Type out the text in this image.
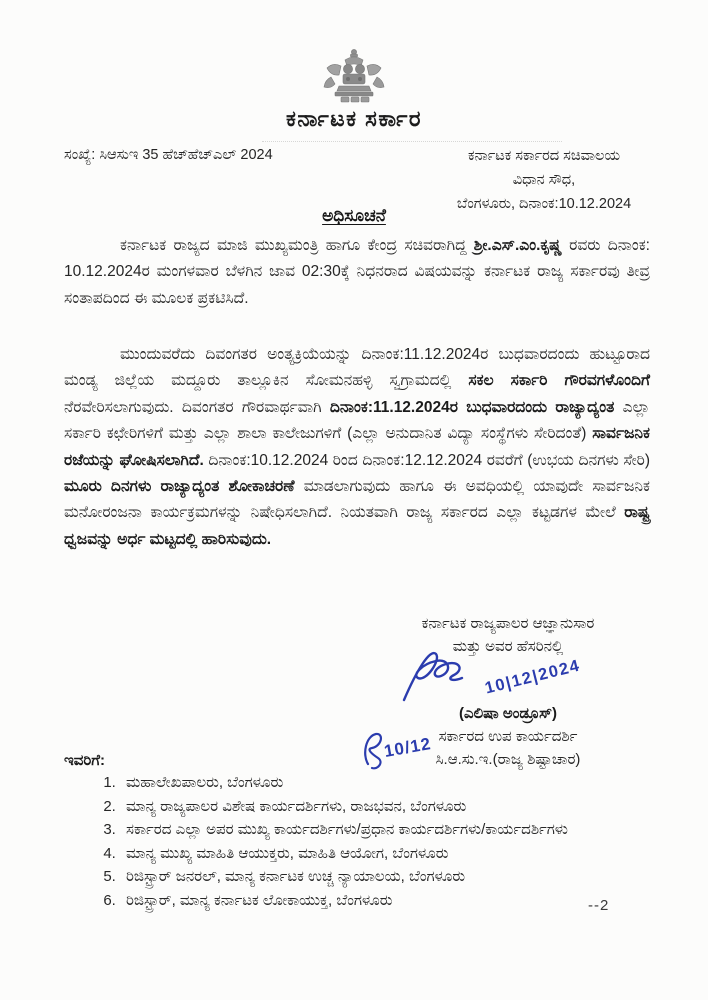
ಕರ್ನಾಟಕ ಸರ್ಕಾರ
ಸಂಖ್ಯೆ: ಸಿಆಸುಇ 35 ಹೆಚ್‌ಹೆಚ್‌ಎಲ್ 2024	ಕರ್ನಾಟಕ ಸರ್ಕಾರದ ಸಚಿವಾಲಯ
ವಿಧಾನ ಸೌಧ,
ಬೆಂಗಳೂರು, ದಿನಾಂಕ:10.12.2024
ಅಧಿಸೂಚನೆ
ಕರ್ನಾಟಕ ರಾಜ್ಯದ ಮಾಜಿ ಮುಖ್ಯಮಂತ್ರಿ ಹಾಗೂ ಕೇಂದ್ರ ಸಚಿವರಾಗಿದ್ದ ಶ್ರೀ.ಎಸ್.ಎಂ.ಕೃಷ್ಣ ರವರು ದಿನಾಂಕ: 10.12.2024ರ ಮಂಗಳವಾರ ಬೆಳಗಿನ ಜಾವ 02:30ಕ್ಕೆ ನಿಧನರಾದ ವಿಷಯವನ್ನು ಕರ್ನಾಟಕ ರಾಜ್ಯ ಸರ್ಕಾರವು ತೀವ್ರ ಸಂತಾಪದಿಂದ ಈ ಮೂಲಕ ಪ್ರಕಟಿಸಿದೆ.
ಮುಂದುವರೆದು ದಿವಂಗತರ ಅಂತ್ಯಕ್ರಿಯೆಯನ್ನು ದಿನಾಂಕ:11.12.2024ರ ಬುಧವಾರದಂದು ಹುಟ್ಟೂರಾದ ಮಂಡ್ಯ ಜಿಲ್ಲೆಯ ಮದ್ದೂರು ತಾಲ್ಲೂಕಿನ ಸೋಮನಹಳ್ಳಿ ಸ್ವಗ್ರಾಮದಲ್ಲಿ ಸಕಲ ಸರ್ಕಾರಿ ಗೌರವಗಳೊಂದಿಗೆ ನೆರವೇರಿಸಲಾಗುವುದು. ದಿವಂಗತರ ಗೌರವಾರ್ಥವಾಗಿ ದಿನಾಂಕ:11.12.2024ರ ಬುಧವಾರದಂದು ರಾಜ್ಯಾದ್ಯಂತ ಎಲ್ಲಾ ಸರ್ಕಾರಿ ಕಛೇರಿಗಳಿಗೆ ಮತ್ತು ಎಲ್ಲಾ ಶಾಲಾ ಕಾಲೇಜುಗಳಿಗೆ (ಎಲ್ಲಾ ಅನುದಾನಿತ ವಿದ್ಯಾ ಸಂಸ್ಥೆಗಳು ಸೇರಿದಂತೆ) ಸಾರ್ವಜನಿಕ ರಜೆಯನ್ನು ಘೋಷಿಸಲಾಗಿದೆ. ದಿನಾಂಕ:10.12.2024 ರಿಂದ ದಿನಾಂಕ:12.12.2024 ರವರೆಗೆ (ಉಭಯ ದಿನಗಳು ಸೇರಿ) ಮೂರು ದಿನಗಳು ರಾಜ್ಯಾದ್ಯಂತ ಶೋಕಾಚರಣೆ ಮಾಡಲಾಗುವುದು ಹಾಗೂ ಈ ಅವಧಿಯಲ್ಲಿ ಯಾವುದೇ ಸಾರ್ವಜನಿಕ ಮನೋರಂಜನಾ ಕಾರ್ಯಕ್ರಮಗಳನ್ನು ನಿಷೇಧಿಸಲಾಗಿದೆ. ನಿಯತವಾಗಿ ರಾಜ್ಯ ಸರ್ಕಾರದ ಎಲ್ಲಾ ಕಟ್ಟಡಗಳ ಮೇಲೆ ರಾಷ್ಟ್ರ ಧ್ವಜವನ್ನು ಅರ್ಧ ಮಟ್ಟದಲ್ಲಿ ಹಾರಿಸುವುದು.
ಕರ್ನಾಟಕ ರಾಜ್ಯಪಾಲರ ಆಜ್ಞಾನುಸಾರ
ಮತ್ತು ಅವರ ಹೆಸರಿನಲ್ಲಿ
10|12|2024
(ಎಲಿಷಾ ಅಂಡ್ರೂಸ್)
ಸರ್ಕಾರದ ಉಪ ಕಾರ್ಯದರ್ಶಿ
ಸಿ.ಆ.ಸು.ಇ.(ರಾಜ್ಯ ಶಿಷ್ಟಾಚಾರ)
10/12
ಇವರಿಗೆ:
1. ಮಹಾಲೇಖಪಾಲರು, ಬೆಂಗಳೂರು
2. ಮಾನ್ಯ ರಾಜ್ಯಪಾಲರ ವಿಶೇಷ ಕಾರ್ಯದರ್ಶಿಗಳು, ರಾಜಭವನ, ಬೆಂಗಳೂರು
3. ಸರ್ಕಾರದ ಎಲ್ಲಾ ಅಪರ ಮುಖ್ಯ ಕಾರ್ಯದರ್ಶಿಗಳು/ಪ್ರಧಾನ ಕಾರ್ಯದರ್ಶಿಗಳು/ಕಾರ್ಯದರ್ಶಿಗಳು
4. ಮಾನ್ಯ ಮುಖ್ಯ ಮಾಹಿತಿ ಆಯುಕ್ತರು, ಮಾಹಿತಿ ಆಯೋಗ, ಬೆಂಗಳೂರು
5. ರಿಜಿಸ್ಟ್ರಾರ್ ಜನರಲ್, ಮಾನ್ಯ ಕರ್ನಾಟಕ ಉಚ್ಚ ನ್ಯಾಯಾಲಯ, ಬೆಂಗಳೂರು
6. ರಿಜಿಸ್ಟ್ರಾರ್, ಮಾನ್ಯ ಕರ್ನಾಟಕ ಲೋಕಾಯುಕ್ತ, ಬೆಂಗಳೂರು	--2
